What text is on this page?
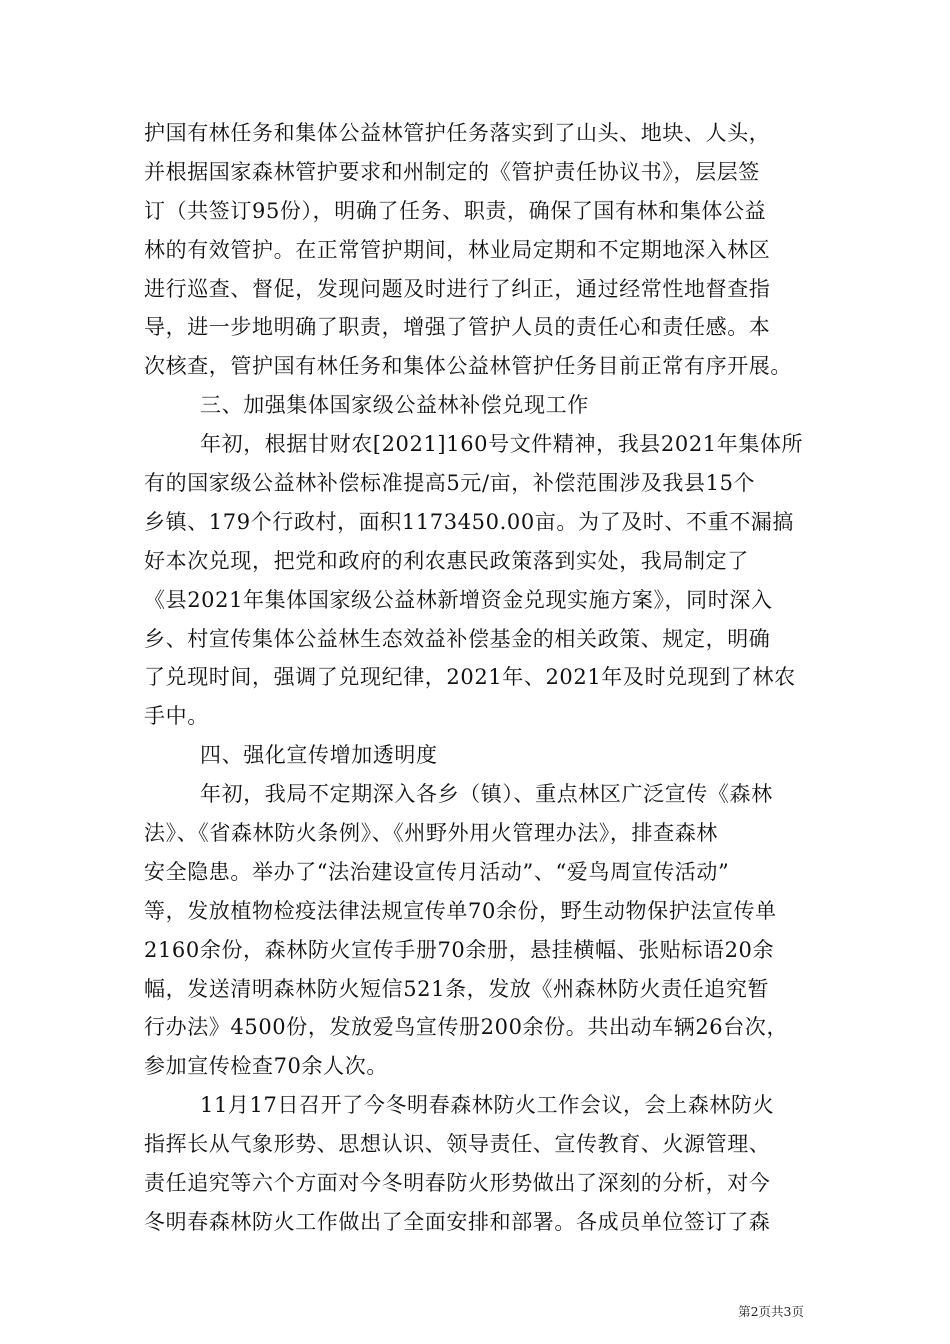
护国有林任务和集体公益林管护任务落实到了山头、地块、人头，
并根据国家森林管护要求和州制定的《管护责任协议书》，层层签
订（共签订95份），明确了任务、职责，确保了国有林和集体公益
林的有效管护。在正常管护期间，林业局定期和不定期地深入林区
进行巡查、督促，发现问题及时进行了纠正，通过经常性地督查指
导，进一步地明确了职责，增强了管护人员的责任心和责任感。本
次核查，管护国有林任务和集体公益林管护任务目前正常有序开展。
三、加强集体国家级公益林补偿兑现工作
年初，根据甘财农[2021]160号文件精神，我县2021年集体所
有的国家级公益林补偿标准提高5元/亩，补偿范围涉及我县15个
乡镇、179个行政村，面积1173450.00亩。为了及时、不重不漏搞
好本次兑现，把党和政府的利农惠民政策落到实处，我局制定了
《县2021年集体国家级公益林新增资金兑现实施方案》，同时深入
乡、村宣传集体公益林生态效益补偿基金的相关政策、规定，明确
了兑现时间，强调了兑现纪律，2021年、2021年及时兑现到了林农
手中。
四、强化宣传增加透明度
年初，我局不定期深入各乡（镇）、重点林区广泛宣传《森林
法》、《省森林防火条例》、《州野外用火管理办法》，排查森林
安全隐患。举办了“法治建设宣传月活动”、“爱鸟周宣传活动”
等，发放植物检疫法律法规宣传单70余份，野生动物保护法宣传单
2160余份，森林防火宣传手册70余册，悬挂横幅、张贴标语20余
幅，发送清明森林防火短信521条，发放《州森林防火责任追究暂
行办法》4500份，发放爱鸟宣传册200余份。共出动车辆26台次，
参加宣传检查70余人次。
11月17日召开了今冬明春森林防火工作会议，会上森林防火
指挥长从气象形势、思想认识、领导责任、宣传教育、火源管理、
责任追究等六个方面对今冬明春防火形势做出了深刻的分析，对今
冬明春森林防火工作做出了全面安排和部署。各成员单位签订了森
第2页共3页
